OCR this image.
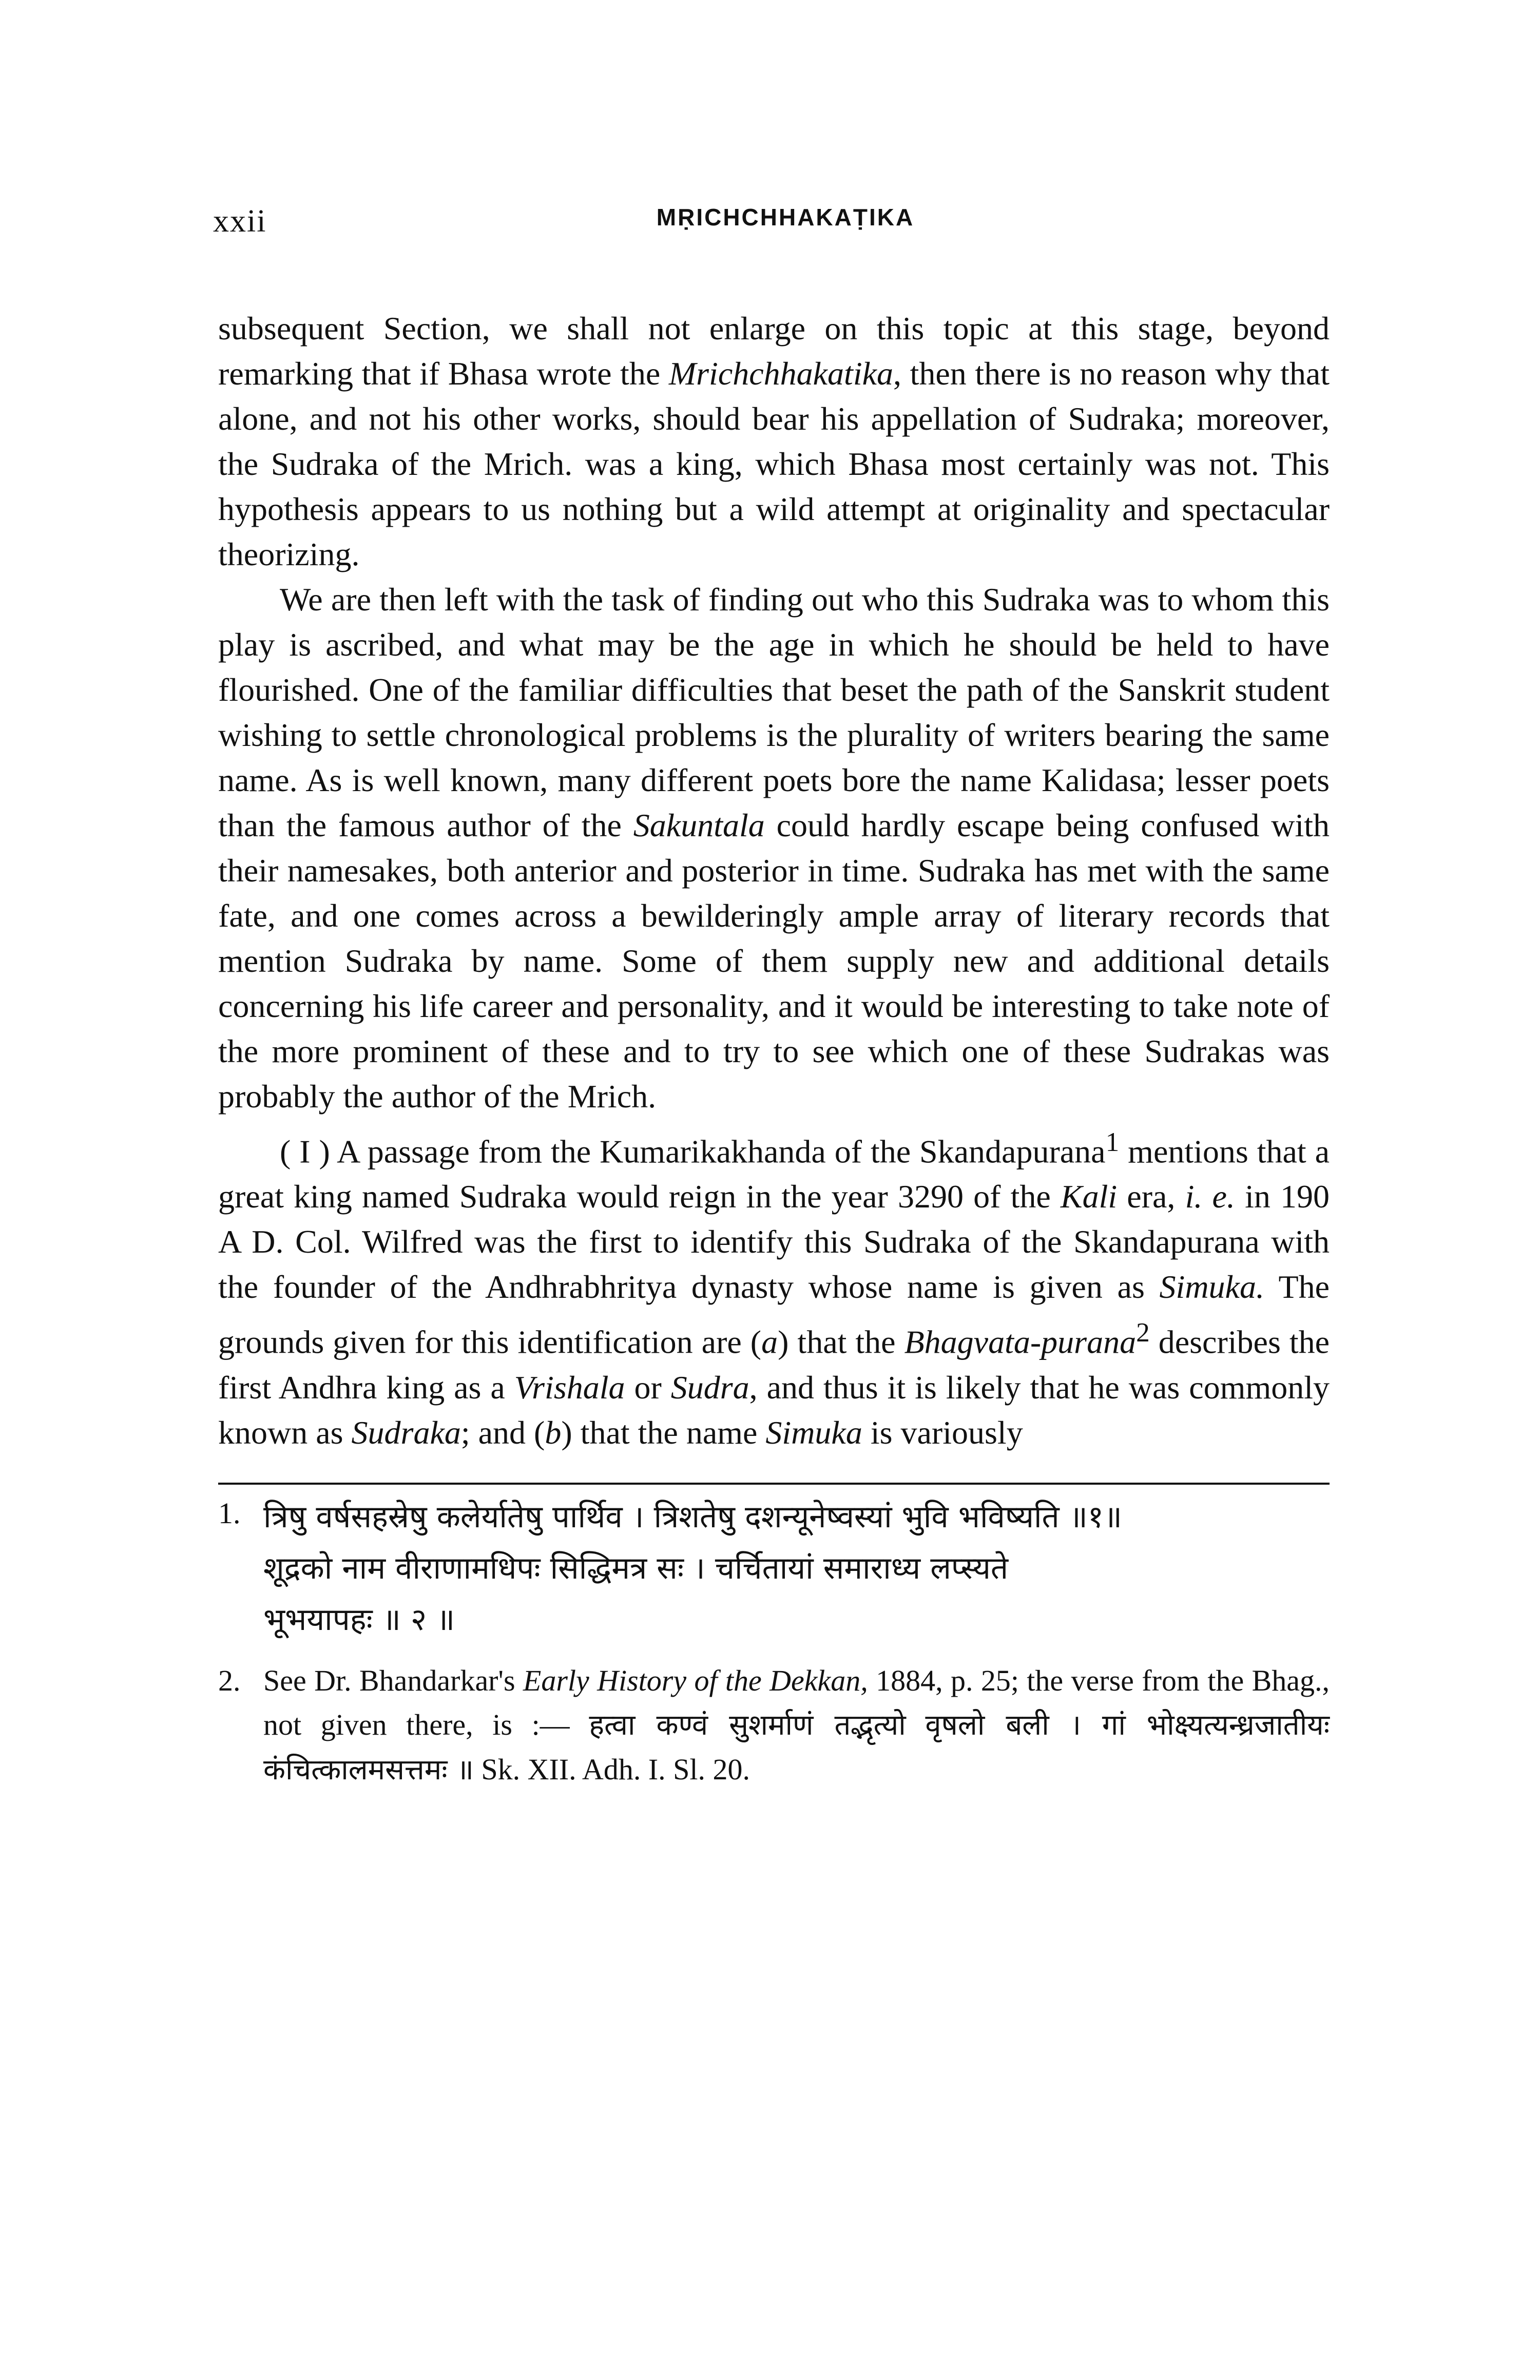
xxii	MṚICHCHHAKAṬIKA

subsequent Section, we shall not enlarge on this topic at this stage, beyond remarking that if Bhasa wrote the Mrichchhakatika, then there is no reason why that alone, and not his other works, should bear his appellation of Sudraka; moreover, the Sudraka of the Mrich. was a king, which Bhasa most certainly was not. This hypothesis appears to us nothing but a wild attempt at originality and spectacular theorizing.

We are then left with the task of finding out who this Sudraka was to whom this play is ascribed, and what may be the age in which he should be held to have flourished. One of the familiar difficulties that beset the path of the Sanskrit student wishing to settle chronological problems is the plurality of writers bearing the same name. As is well known, many different poets bore the name Kalidasa; lesser poets than the famous author of the Sakuntala could hardly escape being confused with their namesakes, both anterior and posterior in time. Sudraka has met with the same fate, and one comes across a bewilderingly ample array of literary records that mention Sudraka by name. Some of them supply new and additional details concerning his life career and personality, and it would be interesting to take note of the more prominent of these and to try to see which one of these Sudrakas was probably the author of the Mrich.

( I ) A passage from the Kumarikakhanda of the Skandapurana$^1$ mentions that a great king named Sudraka would reign in the year 3290 of the Kali era, i. e. in 190 A D. Col. Wilfred was the first to identify this Sudraka of the Skandapurana with the founder of the Andhrabhritya dynasty whose name is given as Simuka. The grounds given for this identification are (a) that the Bhagvata-purana$^2$ describes the first Andhra king as a Vrishala or Sudra, and thus it is likely that he was commonly known as Sudraka; and (b) that the name Simuka is variously

1. त्रिषु वर्षसहस्रेषु कलेर्यातेषु पार्थिव । त्रिशतेषु दशन्यूनेष्वस्यां भुवि भविष्यति ॥१॥
शूद्रको नाम वीराणामधिपः सिद्धिमत्र सः । चर्चितायां समाराध्य लप्स्यते
भूभयापहः ॥ २ ॥
2. See Dr. Bhandarkar's Early History of the Dekkan, 1884, p. 25; the verse from the Bhag., not given there, is :— हत्वा कण्वं सुशर्माणं तद्भृत्यो वृषलो बली । गां भोक्ष्यत्यन्ध्रजातीयः कंचित्कालमसत्तमः ॥ Sk. XII. Adh. I. Sl. 20.
